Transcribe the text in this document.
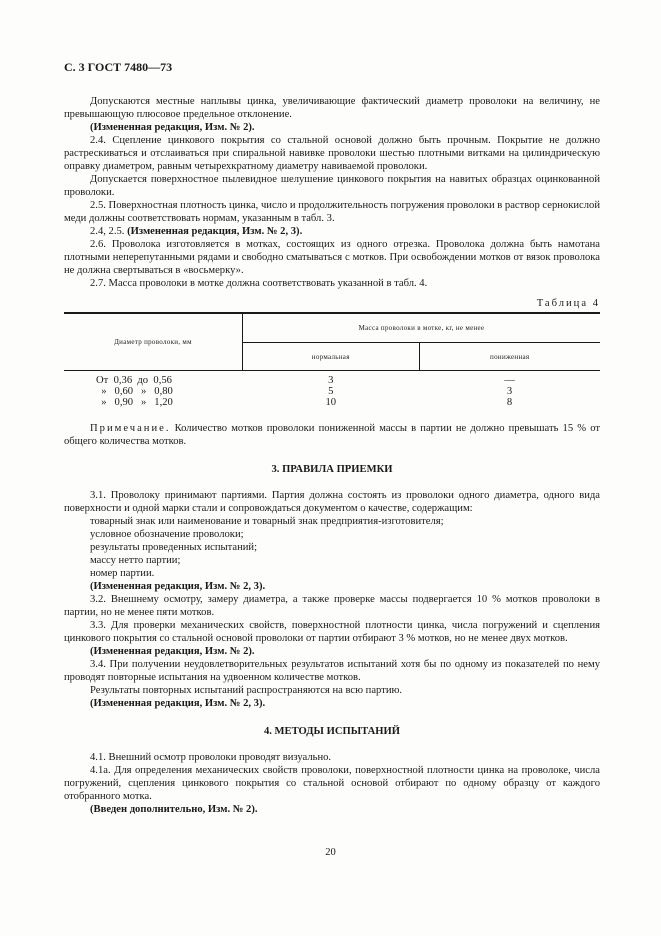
С. 3 ГОСТ 7480—73

Допускаются местные наплывы цинка, увеличивающие фактический диаметр проволоки на величину, не превышающую плюсовое предельное отклонение.

(Измененная редакция, Изм. № 2).

2.4. Сцепление цинкового покрытия со стальной основой должно быть прочным. Покрытие не должно растрескиваться и отслаиваться при спиральной навивке проволоки шестью плотными витками на цилиндрическую оправку диаметром, равным четырехкратному диаметру навиваемой проволоки.

Допускается поверхностное пылевидное шелушение цинкового покрытия на навитых образцах оцинкованной проволоки.

2.5. Поверхностная плотность цинка, число и продолжительность погружения проволоки в раствор сернокислой меди должны соответствовать нормам, указанным в табл. 3.

2.4, 2.5. (Измененная редакция, Изм. № 2, 3).

2.6. Проволока изготовляется в мотках, состоящих из одного отрезка. Проволока должна быть намотана плотными неперепутанными рядами и свободно сматываться с мотков. При освобождении мотков от вязок проволока не должна свертываться в «восьмерку».

2.7. Масса проволоки в мотке должна соответствовать указанной в табл. 4.

Таблица 4
Диаметр проволоки, мм	Масса проволоки в мотке, кг, не менее	
	нормальная	пониженная
От  0,36  до  0,56	3	—
»   0,60   »   0,80	5	3
»   0,90   »   1,20	10	8

Примечание. Количество мотков проволоки пониженной массы в партии не должно превышать 15 % от общего количества мотков.

3. ПРАВИЛА ПРИЕМКИ

3.1. Проволоку принимают партиями. Партия должна состоять из проволоки одного диаметра, одного вида поверхности и одной марки стали и сопровождаться документом о качестве, содержащим:

товарный знак или наименование и товарный знак предприятия-изготовителя;

условное обозначение проволоки;

результаты проведенных испытаний;

массу нетто партии;

номер партии.

(Измененная редакция, Изм. № 2, 3).

3.2. Внешнему осмотру, замеру диаметра, а также проверке массы подвергается 10 % мотков проволоки в партии, но не менее пяти мотков.

3.3. Для проверки механических свойств, поверхностной плотности цинка, числа погружений и сцепления цинкового покрытия со стальной основой проволоки от партии отбирают 3 % мотков, но не менее двух мотков.

(Измененная редакция, Изм. № 2).

3.4. При получении неудовлетворительных результатов испытаний хотя бы по одному из показателей по нему проводят повторные испытания на удвоенном количестве мотков.

Результаты повторных испытаний распространяются на всю партию.

(Измененная редакция, Изм. № 2, 3).

4. МЕТОДЫ ИСПЫТАНИЙ

4.1. Внешний осмотр проволоки проводят визуально.

4.1а. Для определения механических свойств проволоки, поверхностной плотности цинка на проволоке, числа погружений, сцепления цинкового покрытия со стальной основой отбирают по одному образцу от каждого отобранного мотка.

(Введен дополнительно, Изм. № 2).

20
